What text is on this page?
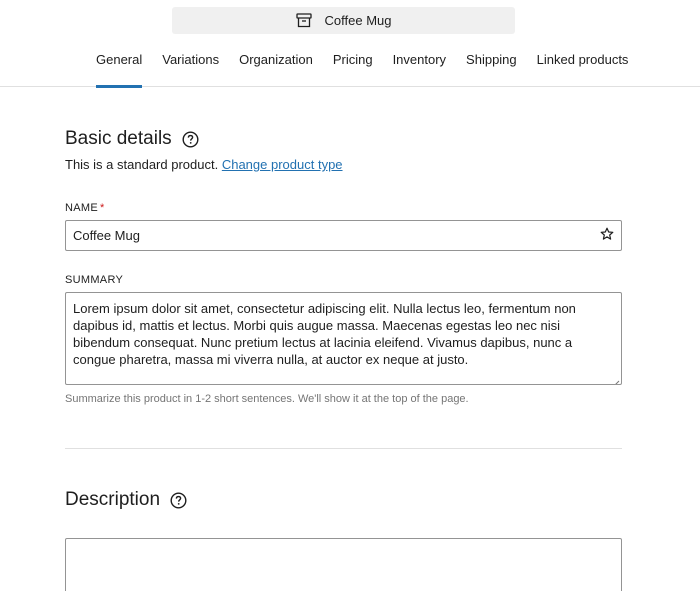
Coffee Mug
General	Variations	Organization	Pricing	Inventory	Shipping	Linked products
Basic details
This is a standard product. Change product type
NAME *
Coffee Mug
SUMMARY
Lorem ipsum dolor sit amet, consectetur adipiscing elit. Nulla lectus leo, fermentum non dapibus id, mattis et lectus. Morbi quis augue massa. Maecenas egestas leo nec nisi bibendum consequat. Nunc pretium lectus at lacinia eleifend. Vivamus dapibus, nunc a congue pharetra, massa mi viverra nulla, at auctor ex neque at justo.
Summarize this product in 1-2 short sentences. We'll show it at the top of the page.
Description
